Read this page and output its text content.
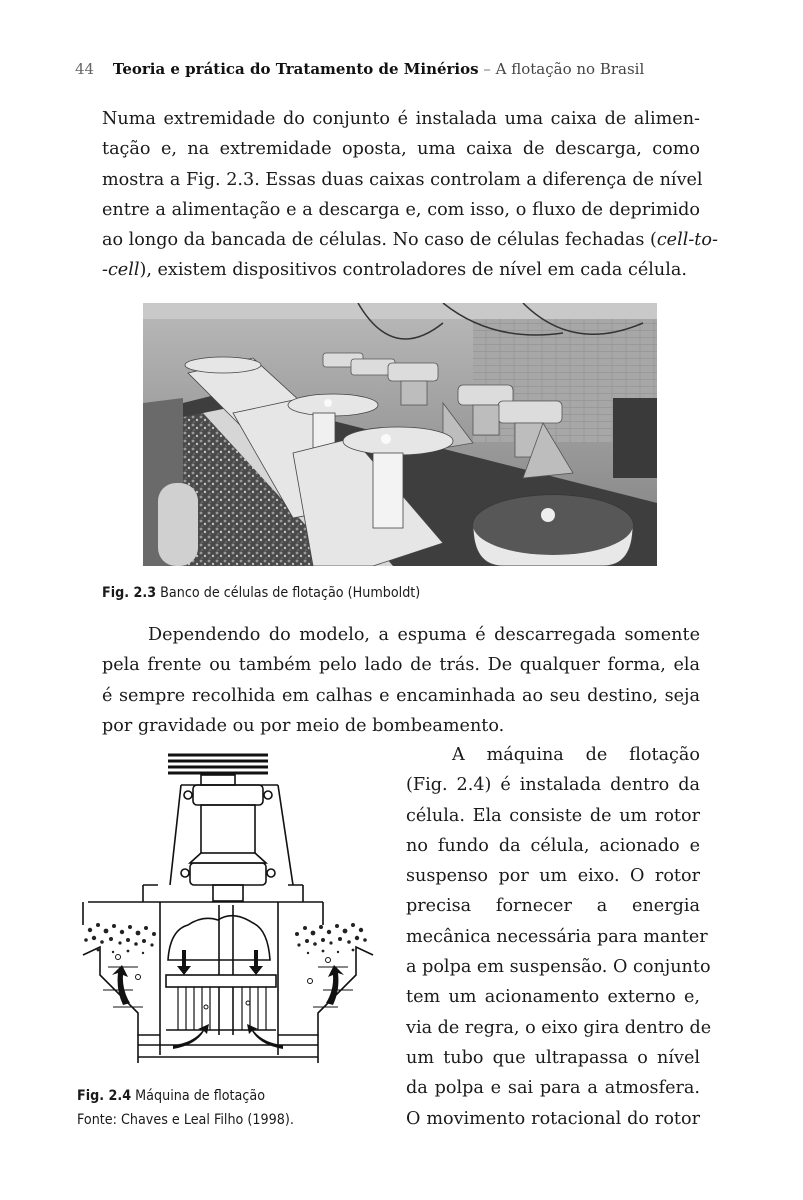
44 Teoria e prática do Tratamento de Minérios – A flotação no Brasil
Numa extremidade do conjunto é instalada uma caixa de alimen-
tação e, na extremidade oposta, uma caixa de descarga, como
mostra a Fig. 2.3. Essas duas caixas controlam a diferença de nível
entre a alimentação e a descarga e, com isso, o fluxo de deprimido
ao longo da bancada de células. No caso de células fechadas (cell-to-
-cell), existem dispositivos controladores de nível em cada célula.
Fig. 2.3 Banco de células de flotação (Humboldt)
Dependendo do modelo, a espuma é descarregada somente
pela frente ou também pelo lado de trás. De qualquer forma, ela
é sempre recolhida em calhas e encaminhada ao seu destino, seja
por gravidade ou por meio de bombeamento.
A máquina de flotação
(Fig. 2.4) é instalada dentro da
célula. Ela consiste de um rotor
no fundo da célula, acionado e
suspenso por um eixo. O rotor
precisa fornecer a energia
mecânica necessária para manter
a polpa em suspensão. O conjunto
tem um acionamento externo e,
via de regra, o eixo gira dentro de
um tubo que ultrapassa o nível
da polpa e sai para a atmosfera.
O movimento rotacional do rotor
Fig. 2.4 Máquina de flotação
Fonte: Chaves e Leal Filho (1998).
